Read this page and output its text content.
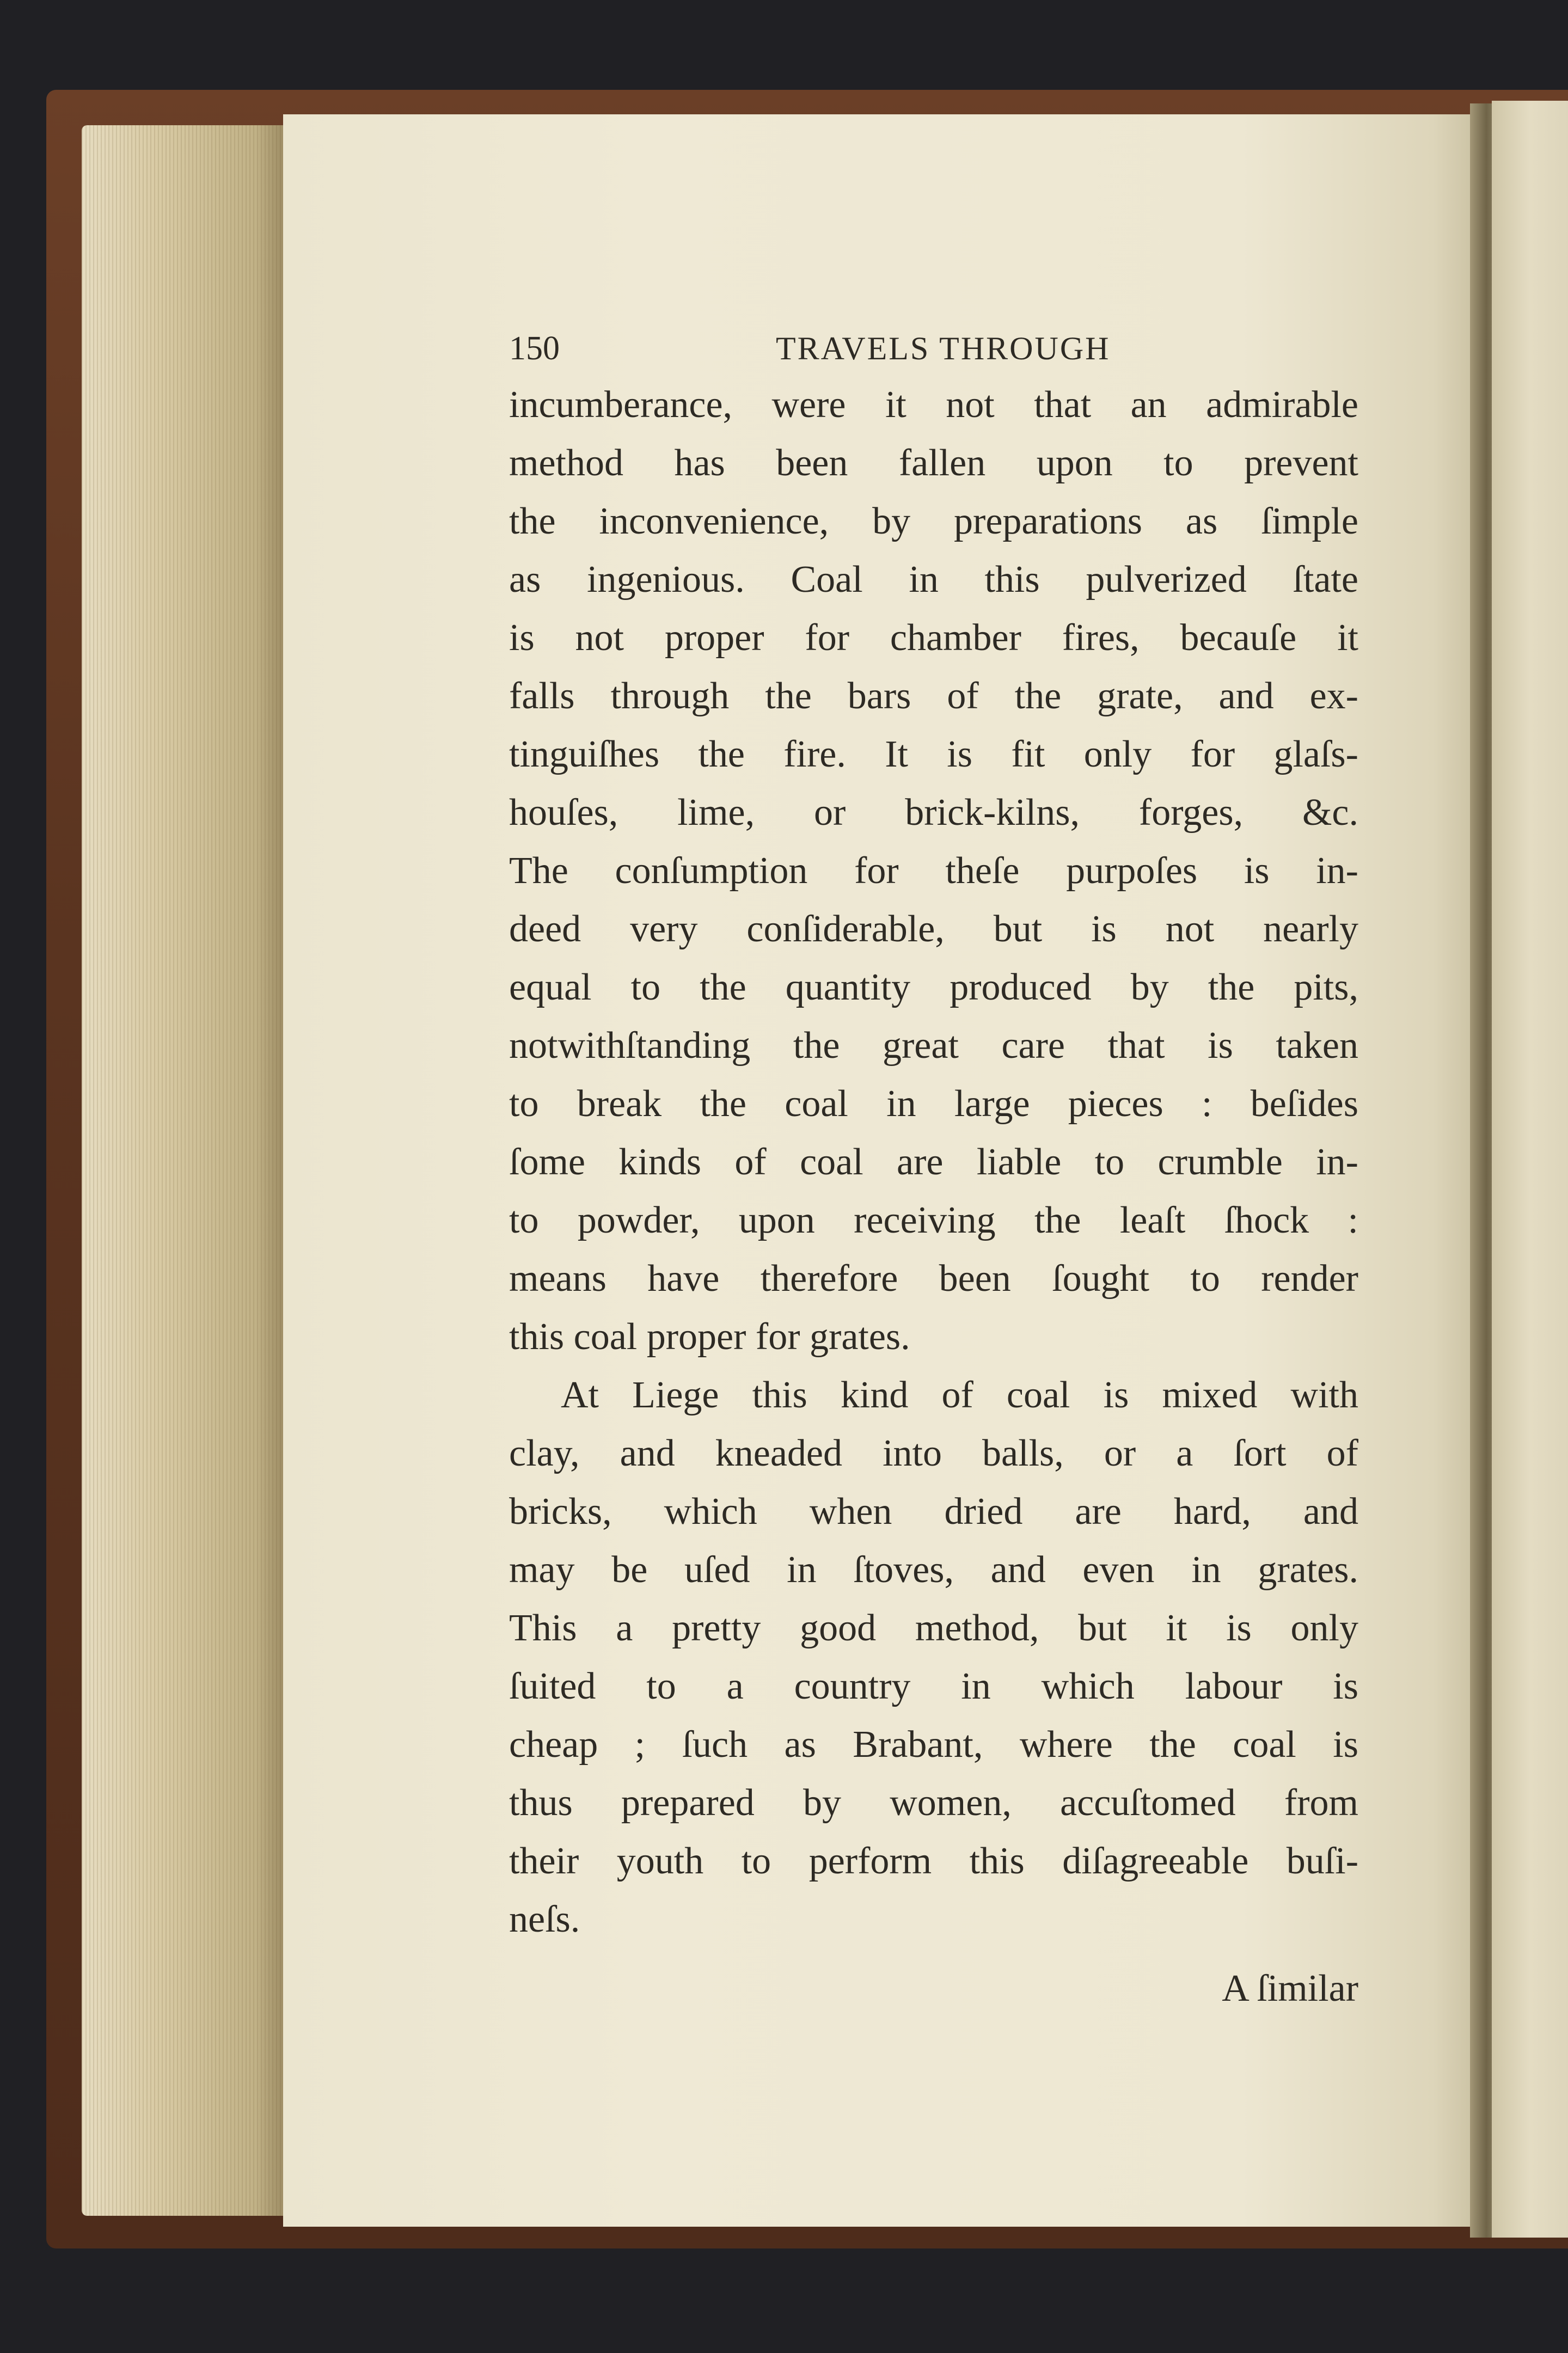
150	TRAVELS THROUGH
incumberance, were it not that an admirable
method has been fallen upon to prevent
the inconvenience, by preparations as ſimple
as ingenious. Coal in this pulverized ſtate
is not proper for chamber fires, becauſe it
falls through the bars of the grate, and ex-
tinguiſhes the fire. It is fit only for glaſs-
houſes, lime, or brick-kilns, forges, &c.
The conſumption for theſe purpoſes is in-
deed very conſiderable, but is not nearly
equal to the quantity produced by the pits,
notwithſtanding the great care that is taken
to break the coal in large pieces : beſides
ſome kinds of coal are liable to crumble in-
to powder, upon receiving the leaſt ſhock :
means have therefore been ſought to render
this coal proper for grates.
At Liege this kind of coal is mixed with
clay, and kneaded into balls, or a ſort of
bricks, which when dried are hard, and
may be uſed in ſtoves, and even in grates.
This a pretty good method, but it is only
ſuited to a country in which labour is
cheap ; ſuch as Brabant, where the coal is
thus prepared by women, accuſtomed from
their youth to perform this diſagreeable buſi-
neſs.
A ſimilar
